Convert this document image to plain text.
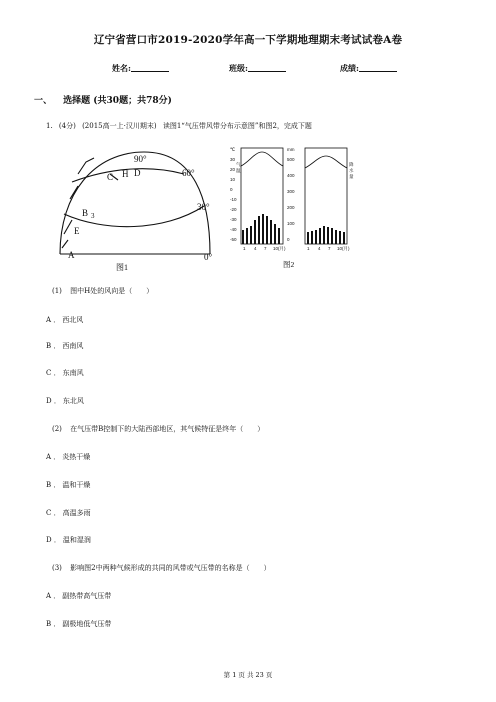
辽宁省营口市2019-2020学年高一下学期地理期末考试试卷A卷
姓名:	班级:	成绩:
一、 选择题 (共30题；共78分)
1. (4分) (2015高一上·汉川期末) 读图1“气压带风带分布示意图”和图2，完成下题
90°
60°
30°
0°
C H D
B 3
E
A
图1
℃
30
20
10
0
-10
-20
-30
-40
-50
气
温
1 4 7 10(月)
mm
500
400
300
200
100
0
1 4 7 10(月)
降
水
量
图2
(1) 图中H处的风向是（　　）
A ． 西北风
B ． 西南风
C ． 东南风
D ． 东北风
(2) 在气压带B控制下的大陆西部地区，其气候特征是终年（　　）
A ． 炎热干燥
B ． 温和干燥
C ． 高温多雨
D ． 温和湿润
(3) 影响图2中两种气候形成的共同的风带或气压带的名称是（　　）
A ． 副热带高气压带
B ． 副极地低气压带
第 1 页 共 23 页
